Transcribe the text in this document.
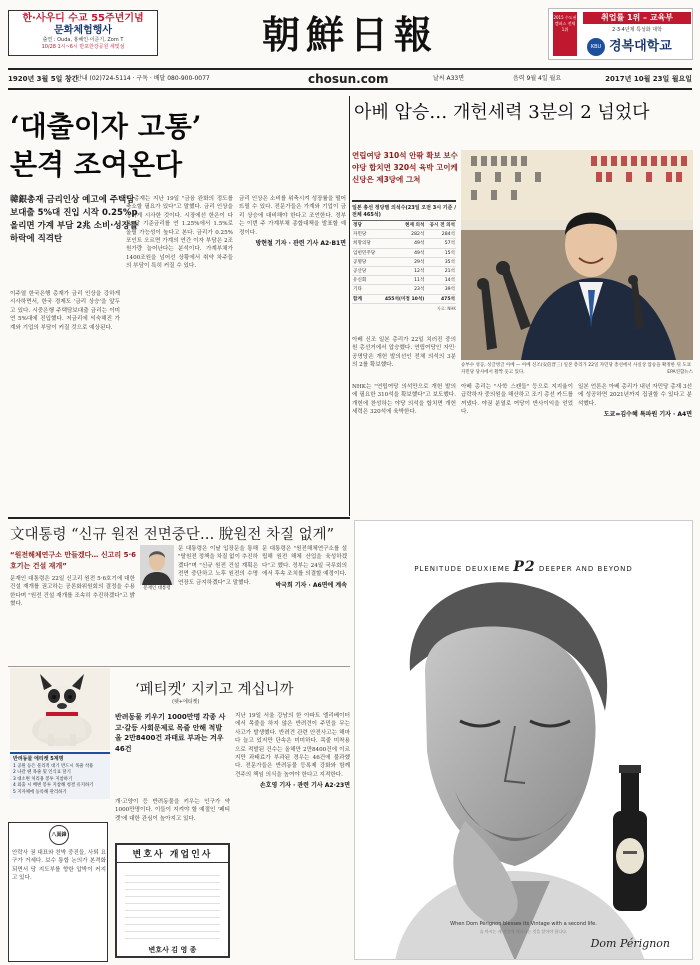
한·사우디 수교 55주년기념
문화체험행사
출연 : Ouda, 홍혜인·이준기, Zom T
10/28 1시~6시 반포한강공원 세빛섬	朝鮮日報	2015 수도권 캠퍼스 전체 1위
취업률 1위 – 교육부
2·3·4년제 특성화 대학
KBU 경복대학교
1920년 3월 5일 창간
안내 (02)724-5114 · 구독 · 배달 080-900-0077	chosun.com	날씨 A33면	음력 9월 4일 월요	2017년 10월 23일 월요일
‘대출이자 고통’
본격 조여온다
韓銀총재 금리인상 예고에 주택담보대출 5%대 진입 시작 0.25%p 올리면 가계 부담 2兆 소비·성장률 하락에 직격탄
이주열 한국은행 총재가 금리 인상을 강하게 시사하면서, 한국 경제도 '금리 상승'을 앞두고 있다. 시중은행 주택담보대출 금리는 이미 연 5%대에 진입했다. 저금리에 익숙해진 가계와 기업의 부담이 커질 것으로 예상된다.
이 총재는 지난 19일 "금융 완화의 정도를 축소할 필요가 있다"고 말했다. 금리 인상을 강하게 시사한 것이다. 시장에선 한은이 다음 달 기준금리를 연 1.25%에서 1.5%로 올릴 가능성이 높다고 본다. 금리가 0.25%포인트 오르면 가계의 연간 이자 부담은 2조원가량 늘어난다는 분석이다. 가계부채가 1400조원을 넘어선 상황에서 취약 차주들의 부담이 특히 커질 수 있다.
금리 인상은 소비를 위축시켜 성장률을 떨어뜨릴 수 있다. 전문가들은 가계와 기업이 금리 상승에 대비해야 한다고 조언한다. 정부는 이번 주 가계부채 종합대책을 발표할 예정이다.
방현철 기자 · 관련 기사 A2·B1면
아베 압승… 개헌세력 3분의 2 넘었다
연립여당 310석 안팎 확보 보수 야당 합치면 320석 육박 고이케 신당은 제3당에 그쳐
일본 총선 정당별 의석수(23일 오전 3시 기준 / 전체 465석)
정당	현재 의석	공시 전 의석
자민당	282석	284석
희망의당	49석	57석
입헌민주당	49석	15석
공명당	29석	35석
공산당	12석	21석
유신회	11석	14석
기타	23석	39석
합계	455석(미정 10석)	475석
자료: NHK
승부수 성공, 싱글벙글 아베 — 아베 신조(安倍晋三) 일본 총리가 22일 자민당 총선에서 사실상 압승을 확정한 뒤 도쿄 자민당 당사에서 활짝 웃고 있다.	EPA연합뉴스
아베 신조 일본 총리가 22일 치러진 중의원 총선거에서 압승했다. 연립여당인 자민·공명당은 개헌 발의선인 전체 의석의 3분의 2를 확보했다.
NHK는 "연립여당 의석만으로 개헌 발의에 필요한 310석을 확보했다"고 보도했다. 개헌에 찬성하는 야당 의석을 합치면 개헌세력은 320석에 육박한다.
아베 총리는 "사학 스캔들" 등으로 지지율이 급락하자 중의원을 해산하고 조기 총선 카드를 꺼냈다. 야권 분열로 여당이 반사이익을 얻었다.
일본 언론은 아베 총리가 내년 자민당 총재 3선에 성공하면 2021년까지 집권할 수 있다고 분석했다.
도쿄=김수혜 특파원 기자 · A4면
文대통령 “신규 원전 전면중단… 脫원전 차질 없게”
“원전해체연구소 만들겠다… 신고리 5·6호기는 건설 재개”
문재인 대통령은 22일 신고리 원전 5·6호기에 대한 건설 재개를 권고하는 공론화위원회의 결정을 수용한다며 "원전 건설 재개를 조속히 추진하겠다"고 밝혔다.
문재인 대통령
문 대통령은 이날 입장문을 통해 "탈원전 정책을 차질 없이 추진하겠다"며 "신규 원전 건설 계획은 전면 중단하고 노후 원전의 수명 연장도 금지하겠다"고 말했다.
문 대통령은 "원전해체연구소를 설립해 원전 해체 산업을 육성하겠다"고 했다. 정부는 24일 국무회의에서 후속 조치를 의결할 예정이다.
박국희 기자 · A6면에 계속
반려동물 에티켓 5계명
1 공원 등은 물리적 대기 반드시 목줄 착용
2 나갈 땐 목줄 및 인식표 달기
3 대소변 처리용 봉투 지참하기
4 외출 시 배변 봉투 지참해 청결 유지하기
5 지자체에 등록해 관리하기
‘페티켓’ 지키고 계십니까
(펫+에티켓)
반려동물 키우기 1000만명 각종 사고·갈등 사회문제로 목줄 안해 적발 올 2만8400건 과태료 부과는 겨우 46건
개·고양이 등 반려동물을 키우는 인구가 약 1000만명이다. 이들이 지켜야 할 예절인 '페티켓'에 대한 관심이 높아지고 있다.
지난 19일 서울 강남의 한 아파트 엘리베이터에서 목줄을 하지 않은 반려견이 주민을 무는 사고가 발생했다. 반려견 관련 안전사고는 해마다 늘고 있지만 단속은 미미하다. 목줄 미착용으로 적발된 건수는 올해만 2만8400건에 이르지만 과태료가 부과된 경우는 46건에 불과했다. 전문가들은 반려동물 등록제 강화와 함께 견주의 책임 의식을 높여야 한다고 지적한다.
손호영 기자 · 관련 기사 A2·23면
八面鋒
안락사 권 대표와 친박 중진들, 사퇴 요구가 거세다. 보수 통합 논의가 본격화되면서 당 지도부를 향한 압박이 커지고 있다.
변호사 개업인사
변호사 김 영 종
PLENITUDE DEUXIEME P2 DEEPER AND BEYOND
When Dom Pérignon blesses its Vintage with a second life.
술 마시는 게 건강에 해롭다는 것을 알아야 합니다.
Dom Pérignon
